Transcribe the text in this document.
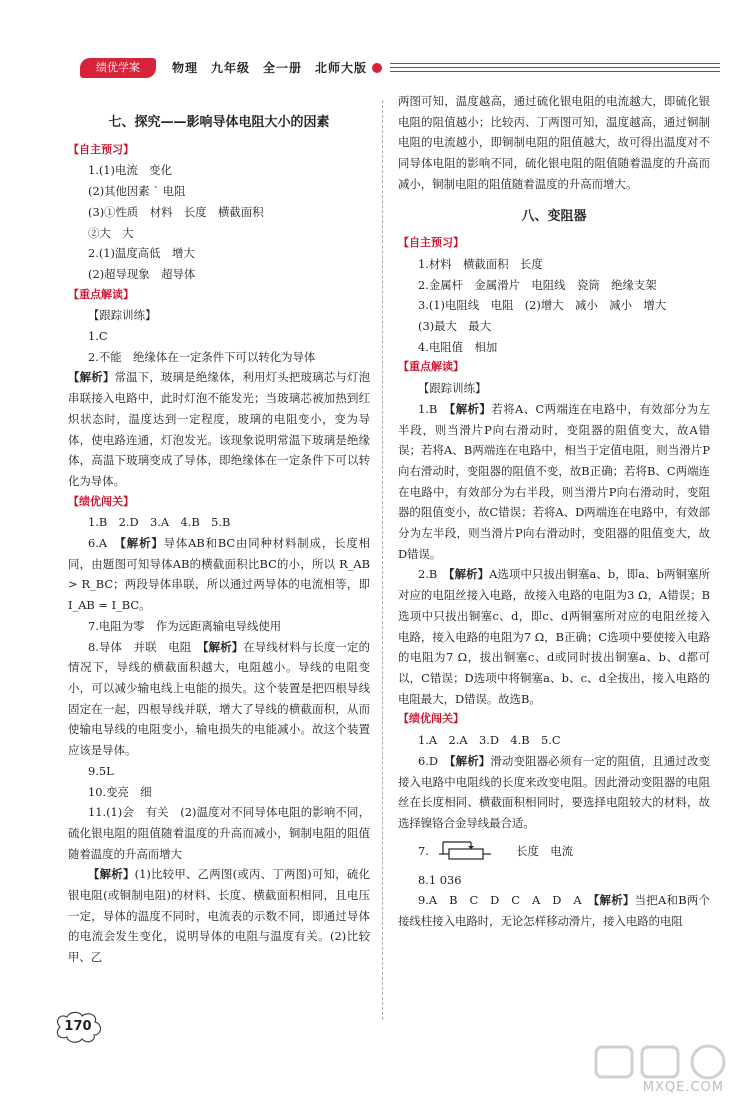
绩优学案	物理　九年级　全一册　北师大版

七、探究——影响导体电阻大小的因素

【自主预习】

1.(1)电流　变化

(2)其他因素 ˋ 电阻

(3)①性质　材料　长度　横截面积

②大　大

2.(1)温度高低　增大

(2)超导现象　超导体

【重点解读】

【跟踪训练】

1.C

2.不能　绝缘体在一定条件下可以转化为导体

【解析】常温下，玻璃是绝缘体，利用灯头把玻璃芯与灯泡串联接入电路中，此时灯泡不能发光；当玻璃芯被加热到红炽状态时，温度达到一定程度，玻璃的电阻变小，变为导体，使电路连通，灯泡发光。该现象说明常温下玻璃是绝缘体，高温下玻璃变成了导体，即绝缘体在一定条件下可以转化为导体。

【绩优闯关】

1.B　2.D　3.A　4.B　5.B

6.A　 【解析】导体AB和BC由同种材料制成，长度相同，由题图可知导体AB的横截面积比BC的小，所以 R_AB > R_BC；两段导体串联，所以通过两导体的电流相等，即 I_AB = I_BC。

7.电阻为零　作为远距离输电导线使用

8.导体　并联　电阻　 【解析】在导线材料与长度一定的情况下，导线的横截面积越大，电阻越小。导线的电阻变小，可以减少输电线上电能的损失。这个装置是把四根导线固定在一起，四根导线并联，增大了导线的横截面积，从而使输电导线的电阻变小，输电损失的电能减小。故这个装置应该是导体。

9.5L

10.变亮　细

11.(1)会　有关　(2)温度对不同导体电阻的影响不同，硫化银电阻的阻值随着温度的升高而减小，铜制电阻的阻值随着温度的升高而增大

【解析】(1)比较甲、乙两图(或丙、丁两图)可知，硫化银电阻(或铜制电阻)的材料、长度、横截面积相同，且电压一定，导体的温度不同时，电流表的示数不同，即通过导体的电流会发生变化，说明导体的电阻与温度有关。(2)比较甲、乙

两图可知，温度越高，通过硫化银电阻的电流越大，即硫化银电阻的阻值越小；比较丙、丁两图可知，温度越高，通过铜制电阻的电流越小，即铜制电阻的阻值越大，故可得出温度对不同导体电阻的影响不同，硫化银电阻的阻值随着温度的升高而减小，铜制电阻的阻值随着温度的升高而增大。

八、变阻器

【自主预习】

1.材料　横截面积　长度

2.金属杆　金属滑片　电阻线　瓷筒　绝缘支架

3.(1)电阻线　电阻　(2)增大　减小　减小　增大

(3)最大　最大

4.电阻值　相加

【重点解读】

【跟踪训练】

1.B　 【解析】若将A、C两端连在电路中，有效部分为左半段，则当滑片P向右滑动时，变阻器的阻值变大，故A错误；若将A、B两端连在电路中，相当于定值电阻，则当滑片P向右滑动时，变阻器的阻值不变，故B正确；若将B、C两端连在电路中，有效部分为右半段，则当滑片P向右滑动时，变阻器的阻值变小，故C错误；若将A、D两端连在电路中，有效部分为左半段，则当滑片P向右滑动时，变阻器的阻值变大，故D错误。

2.B　 【解析】A选项中只拔出铜塞a、b，即a、b两铜塞所对应的电阻丝接入电路，故接入电路的电阻为3 Ω，A错误；B选项中只拔出铜塞c、d，即c、d两铜塞所对应的电阻丝接入电路，接入电路的电阻为7 Ω，B正确；C选项中要使接入电路的电阻为7 Ω，拔出铜塞c、d或同时拔出铜塞a、b、d都可以，C错误；D选项中将铜塞a、b、c、d全拔出，接入电路的电阻最大，D错误。故选B。

【绩优闯关】

1.A　2.A　3.D　4.B　5.C

6.D　 【解析】滑动变阻器必须有一定的阻值，且通过改变接入电路中电阻线的长度来改变电阻。因此滑动变阻器的电阻丝在长度相同、横截面积相同时，要选择电阻较大的材料，故选择镍铬合金导线最合适。

7.	长度　电流

8.1 036

9.A　B　C　D　C　A　D　A　 【解析】当把A和B两个接线柱接入电路时，无论怎样移动滑片，接入电路的电阻

170
MXQE.COM
